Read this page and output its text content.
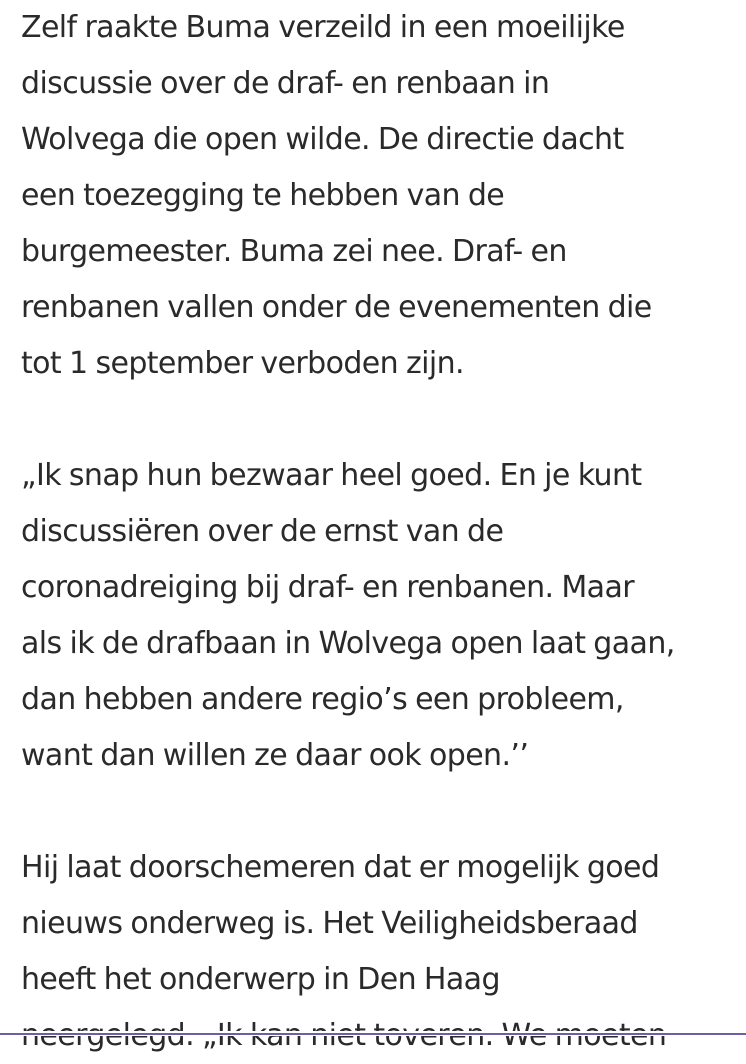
Zelf raakte Buma verzeild in een moeilijke
discussie over de draf- en renbaan in
Wolvega die open wilde. De directie dacht
een toezegging te hebben van de
burgemeester. Buma zei nee. Draf- en
renbanen vallen onder de evenementen die
tot 1 september verboden zijn.
„Ik snap hun bezwaar heel goed. En je kunt
discussiëren over de ernst van de
coronadreiging bij draf- en renbanen. Maar
als ik de drafbaan in Wolvega open laat gaan,
dan hebben andere regio’s een probleem,
want dan willen ze daar ook open.’’
Hij laat doorschemeren dat er mogelijk goed
nieuws onderweg is. Het Veiligheidsberaad
heeft het onderwerp in Den Haag
